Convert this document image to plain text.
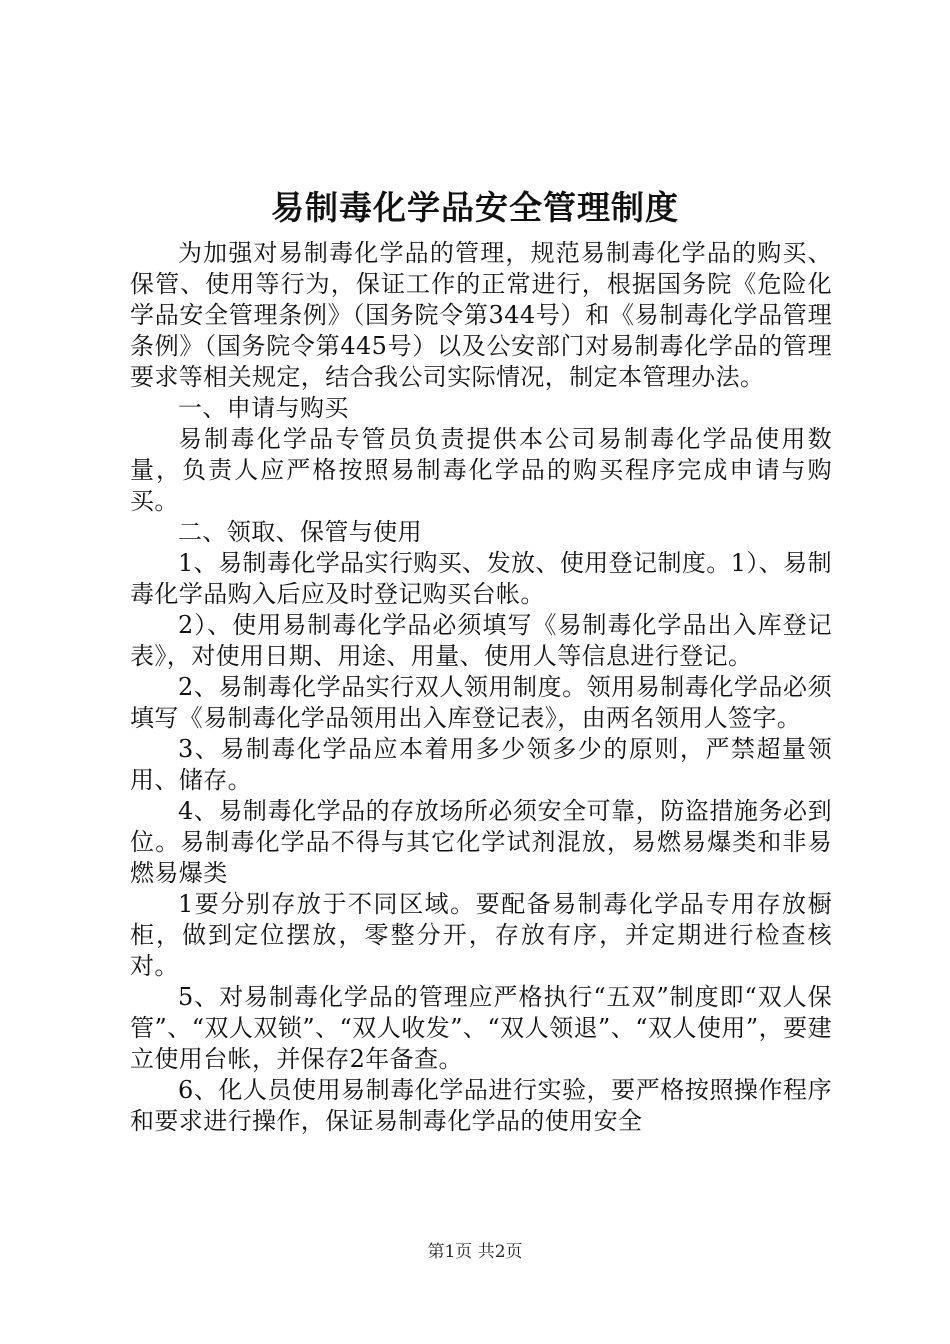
易制毒化学品安全管理制度

为加强对易制毒化学品的管理，规范易制毒化学品的购买、保管、使用等行为，保证工作的正常进行，根据国务院《危险化学品安全管理条例》（国务院令第344号）和《易制毒化学品管理条例》（国务院令第445号）以及公安部门对易制毒化学品的管理要求等相关规定，结合我公司实际情况，制定本管理办法。

一、申请与购买

易制毒化学品专管员负责提供本公司易制毒化学品使用数量，负责人应严格按照易制毒化学品的购买程序完成申请与购买。

二、领取、保管与使用

1、易制毒化学品实行购买、发放、使用登记制度。1）、易制毒化学品购入后应及时登记购买台帐。

2）、使用易制毒化学品必须填写《易制毒化学品出入库登记表》，对使用日期、用途、用量、使用人等信息进行登记。

2、易制毒化学品实行双人领用制度。领用易制毒化学品必须填写《易制毒化学品领用出入库登记表》，由两名领用人签字。

3、易制毒化学品应本着用多少领多少的原则，严禁超量领用、储存。

4、易制毒化学品的存放场所必须安全可靠，防盗措施务必到位。易制毒化学品不得与其它化学试剂混放，易燃易爆类和非易燃易爆类

1要分别存放于不同区域。要配备易制毒化学品专用存放橱柜，做到定位摆放，零整分开，存放有序，并定期进行检查核对。

5、对易制毒化学品的管理应严格执行“五双”制度即“双人保管”、“双人双锁”、“双人收发”、“双人领退”、“双人使用”，要建立使用台帐，并保存2年备查。

6、化人员使用易制毒化学品进行实验，要严格按照操作程序和要求进行操作，保证易制毒化学品的使用安全

第1页 共2页
